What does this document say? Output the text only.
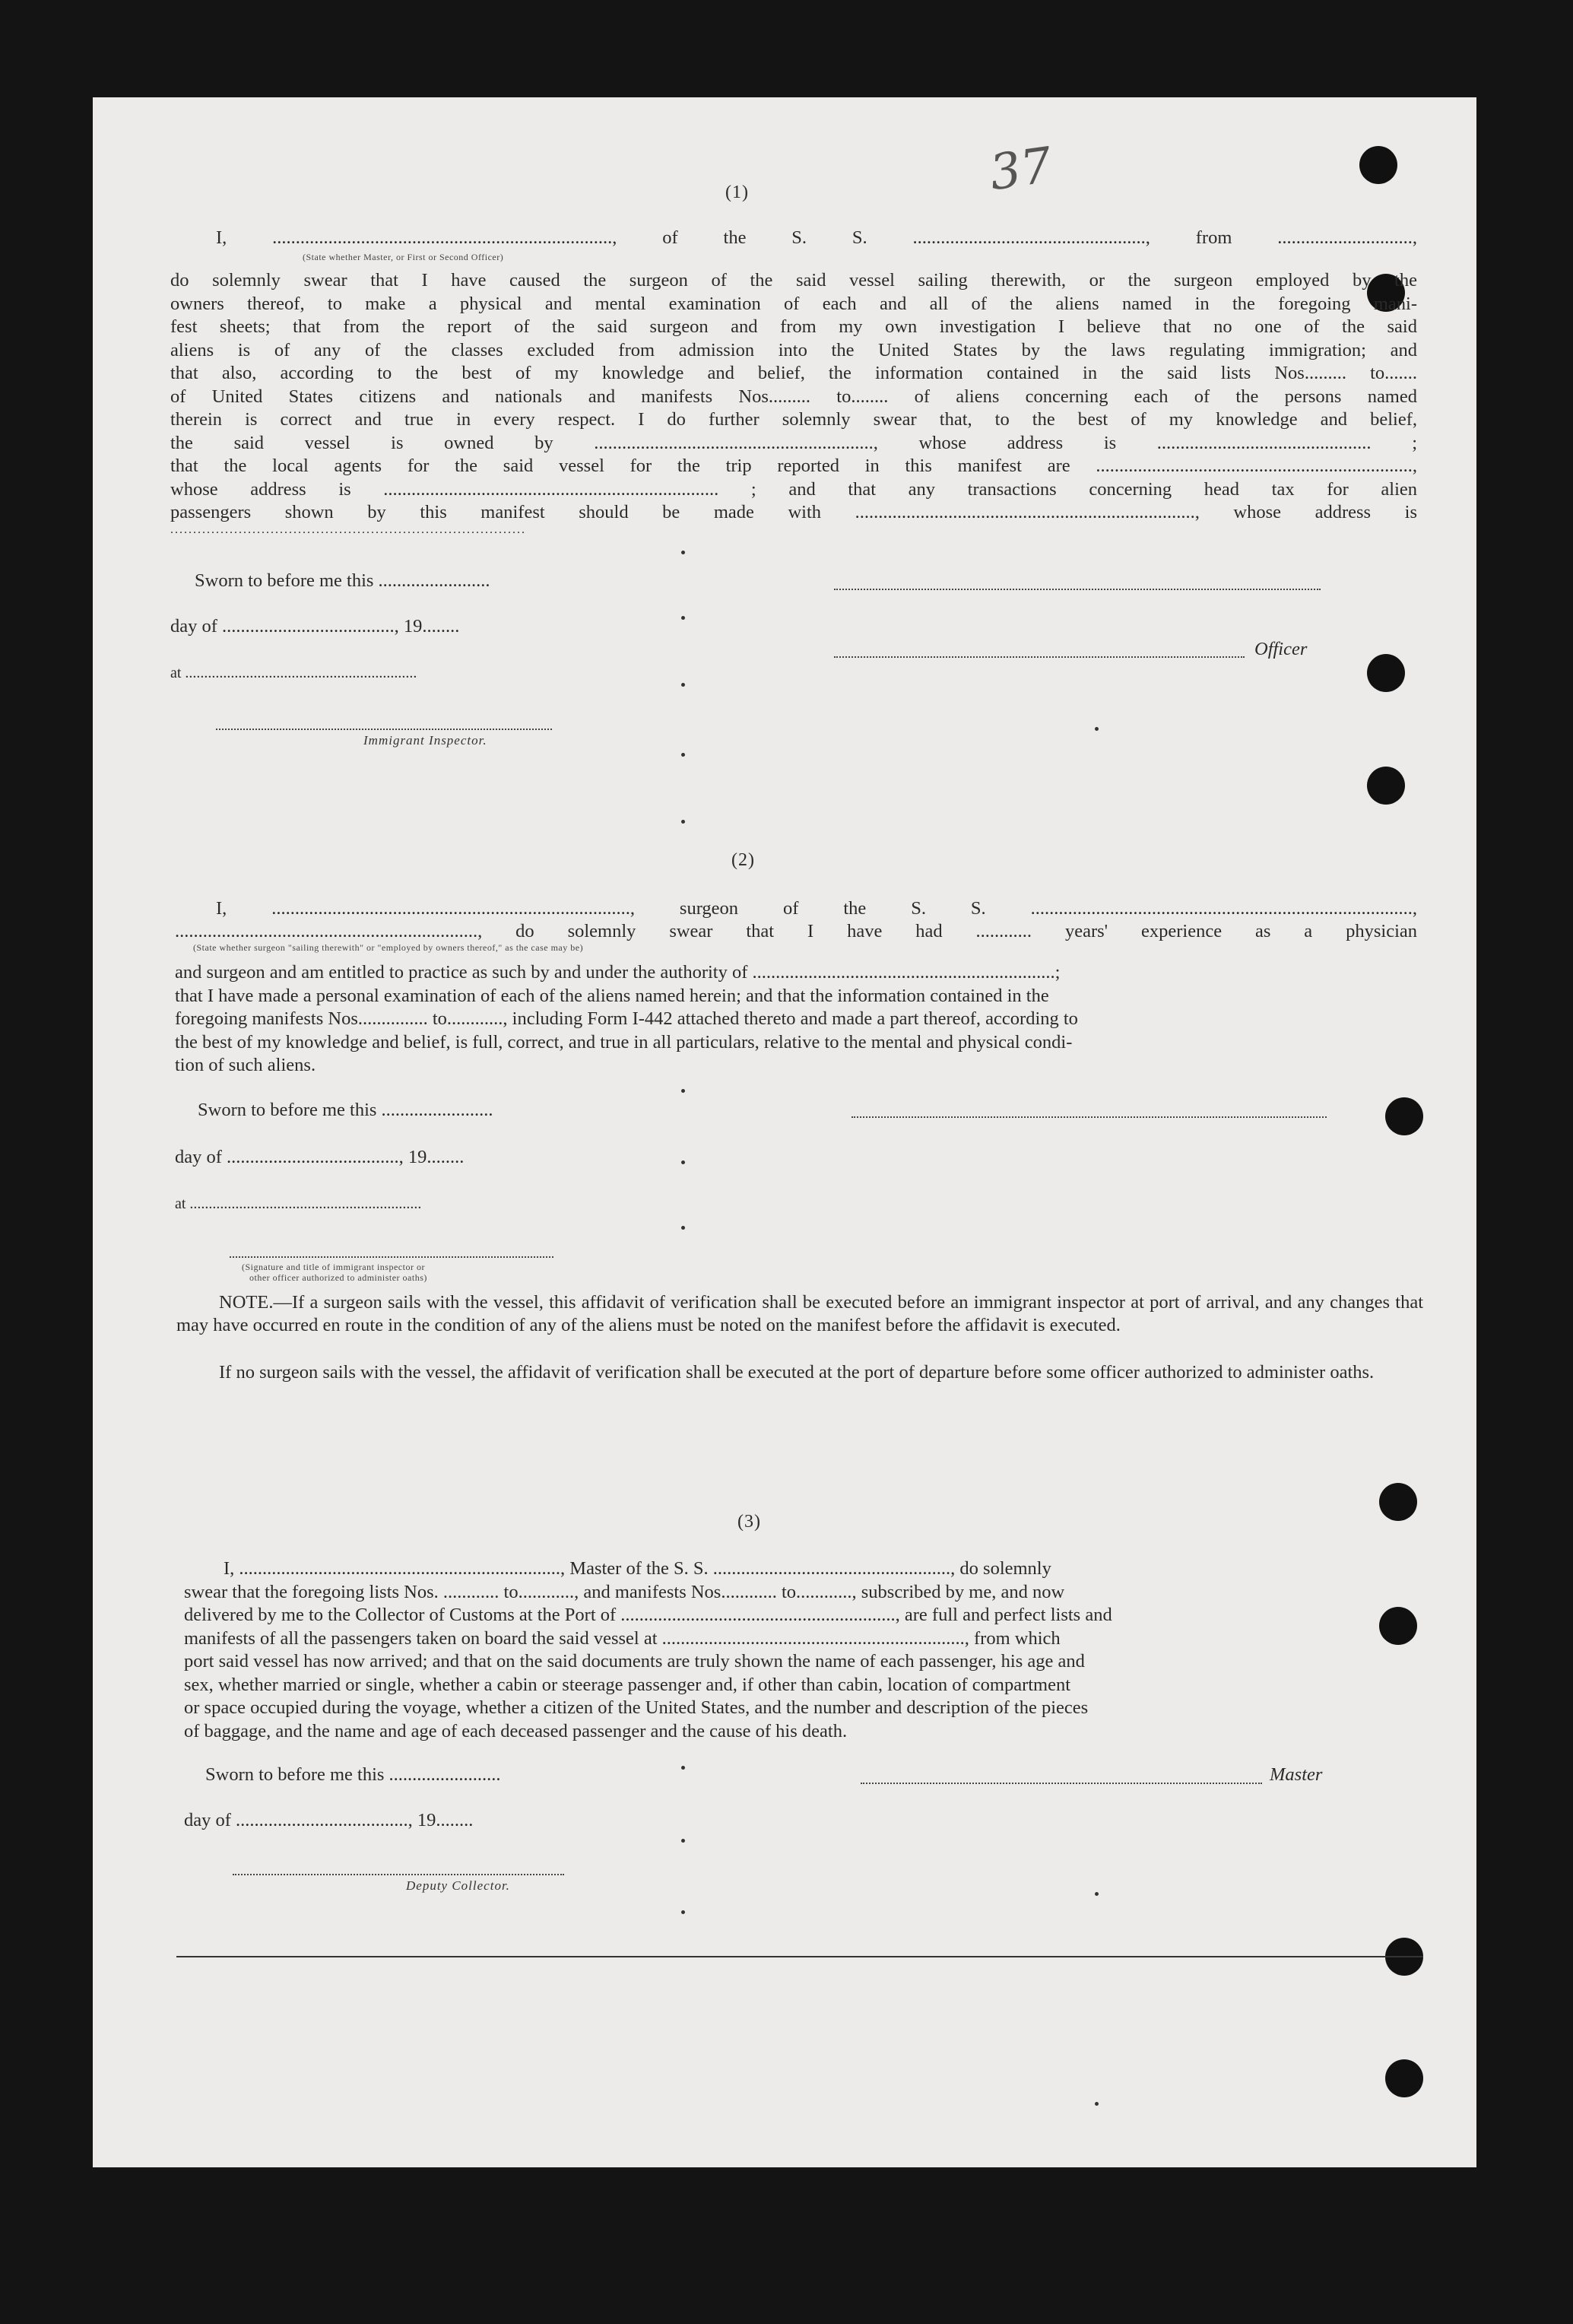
37
(1)
I, ........................................................................., of the S. S. .................................................., from .............................,
(State whether Master, or First or Second Officer)
do solemnly swear that I have caused the surgeon of the said vessel sailing therewith, or the surgeon employed by the
owners thereof, to make a physical and mental examination of each and all of the aliens named in the foregoing mani-
fest sheets; that from the report of the said surgeon and from my own investigation I believe that no one of the said
aliens is of any of the classes excluded from admission into the United States by the laws regulating immigration; and
that also, according to the best of my knowledge and belief, the information contained in the said lists Nos......... to.......
of United States citizens and nationals and manifests Nos......... to........ of aliens concerning each of the persons named
therein is correct and true in every respect. I do further solemnly swear that, to the best of my knowledge and belief,
the said vessel is owned by ............................................................, whose address is .............................................. ;
that the local agents for the said vessel for the trip reported in this manifest are ....................................................................,
whose address is ........................................................................ ; and that any transactions concerning head tax for alien
passengers shown by this manifest should be made with ........................................................................., whose address is
..............................................................................
Sworn to before me this ........................
day of ....................................., 19........
at .............................................................
Officer
Immigrant Inspector.
(2)
I, ............................................................................., surgeon of the S. S. ..................................................................................,
................................................................., do solemnly swear that I have had ............ years' experience as a physician
(State whether surgeon "sailing therewith" or "employed by owners thereof," as the case may be)
and surgeon and am entitled to practice as such by and under the authority of .................................................................;
that I have made a personal examination of each of the aliens named herein; and that the information contained in the
foregoing manifests Nos............... to............, including Form I-442 attached thereto and made a part thereof, according to
the best of my knowledge and belief, is full, correct, and true in all particulars, relative to the mental and physical condi-
tion of such aliens.
Sworn to before me this ........................
day of ....................................., 19........
at .............................................................
(Signature and title of immigrant inspector or
other officer authorized to administer oaths)
NOTE.—If a surgeon sails with the vessel, this affidavit of verification shall be executed before an immigrant inspector at port of arrival, and any changes that may have occurred en route in the condition of any of the aliens must be noted on the manifest before the affidavit is executed.
If no surgeon sails with the vessel, the affidavit of verification shall be executed at the port of departure before some officer authorized to administer oaths.
(3)
I, ....................................................................., Master of the S. S. ..................................................., do solemnly
swear that the foregoing lists Nos. ............ to............, and manifests Nos............ to............, subscribed by me, and now
delivered by me to the Collector of Customs at the Port of ..........................................................., are full and perfect lists and
manifests of all the passengers taken on board the said vessel at ................................................................., from which
port said vessel has now arrived; and that on the said documents are truly shown the name of each passenger, his age and
sex, whether married or single, whether a cabin or steerage passenger and, if other than cabin, location of compartment
or space occupied during the voyage, whether a citizen of the United States, and the number and description of the pieces
of baggage, and the name and age of each deceased passenger and the cause of his death.
Sworn to before me this ........................	Master
day of ....................................., 19........
Deputy Collector.
